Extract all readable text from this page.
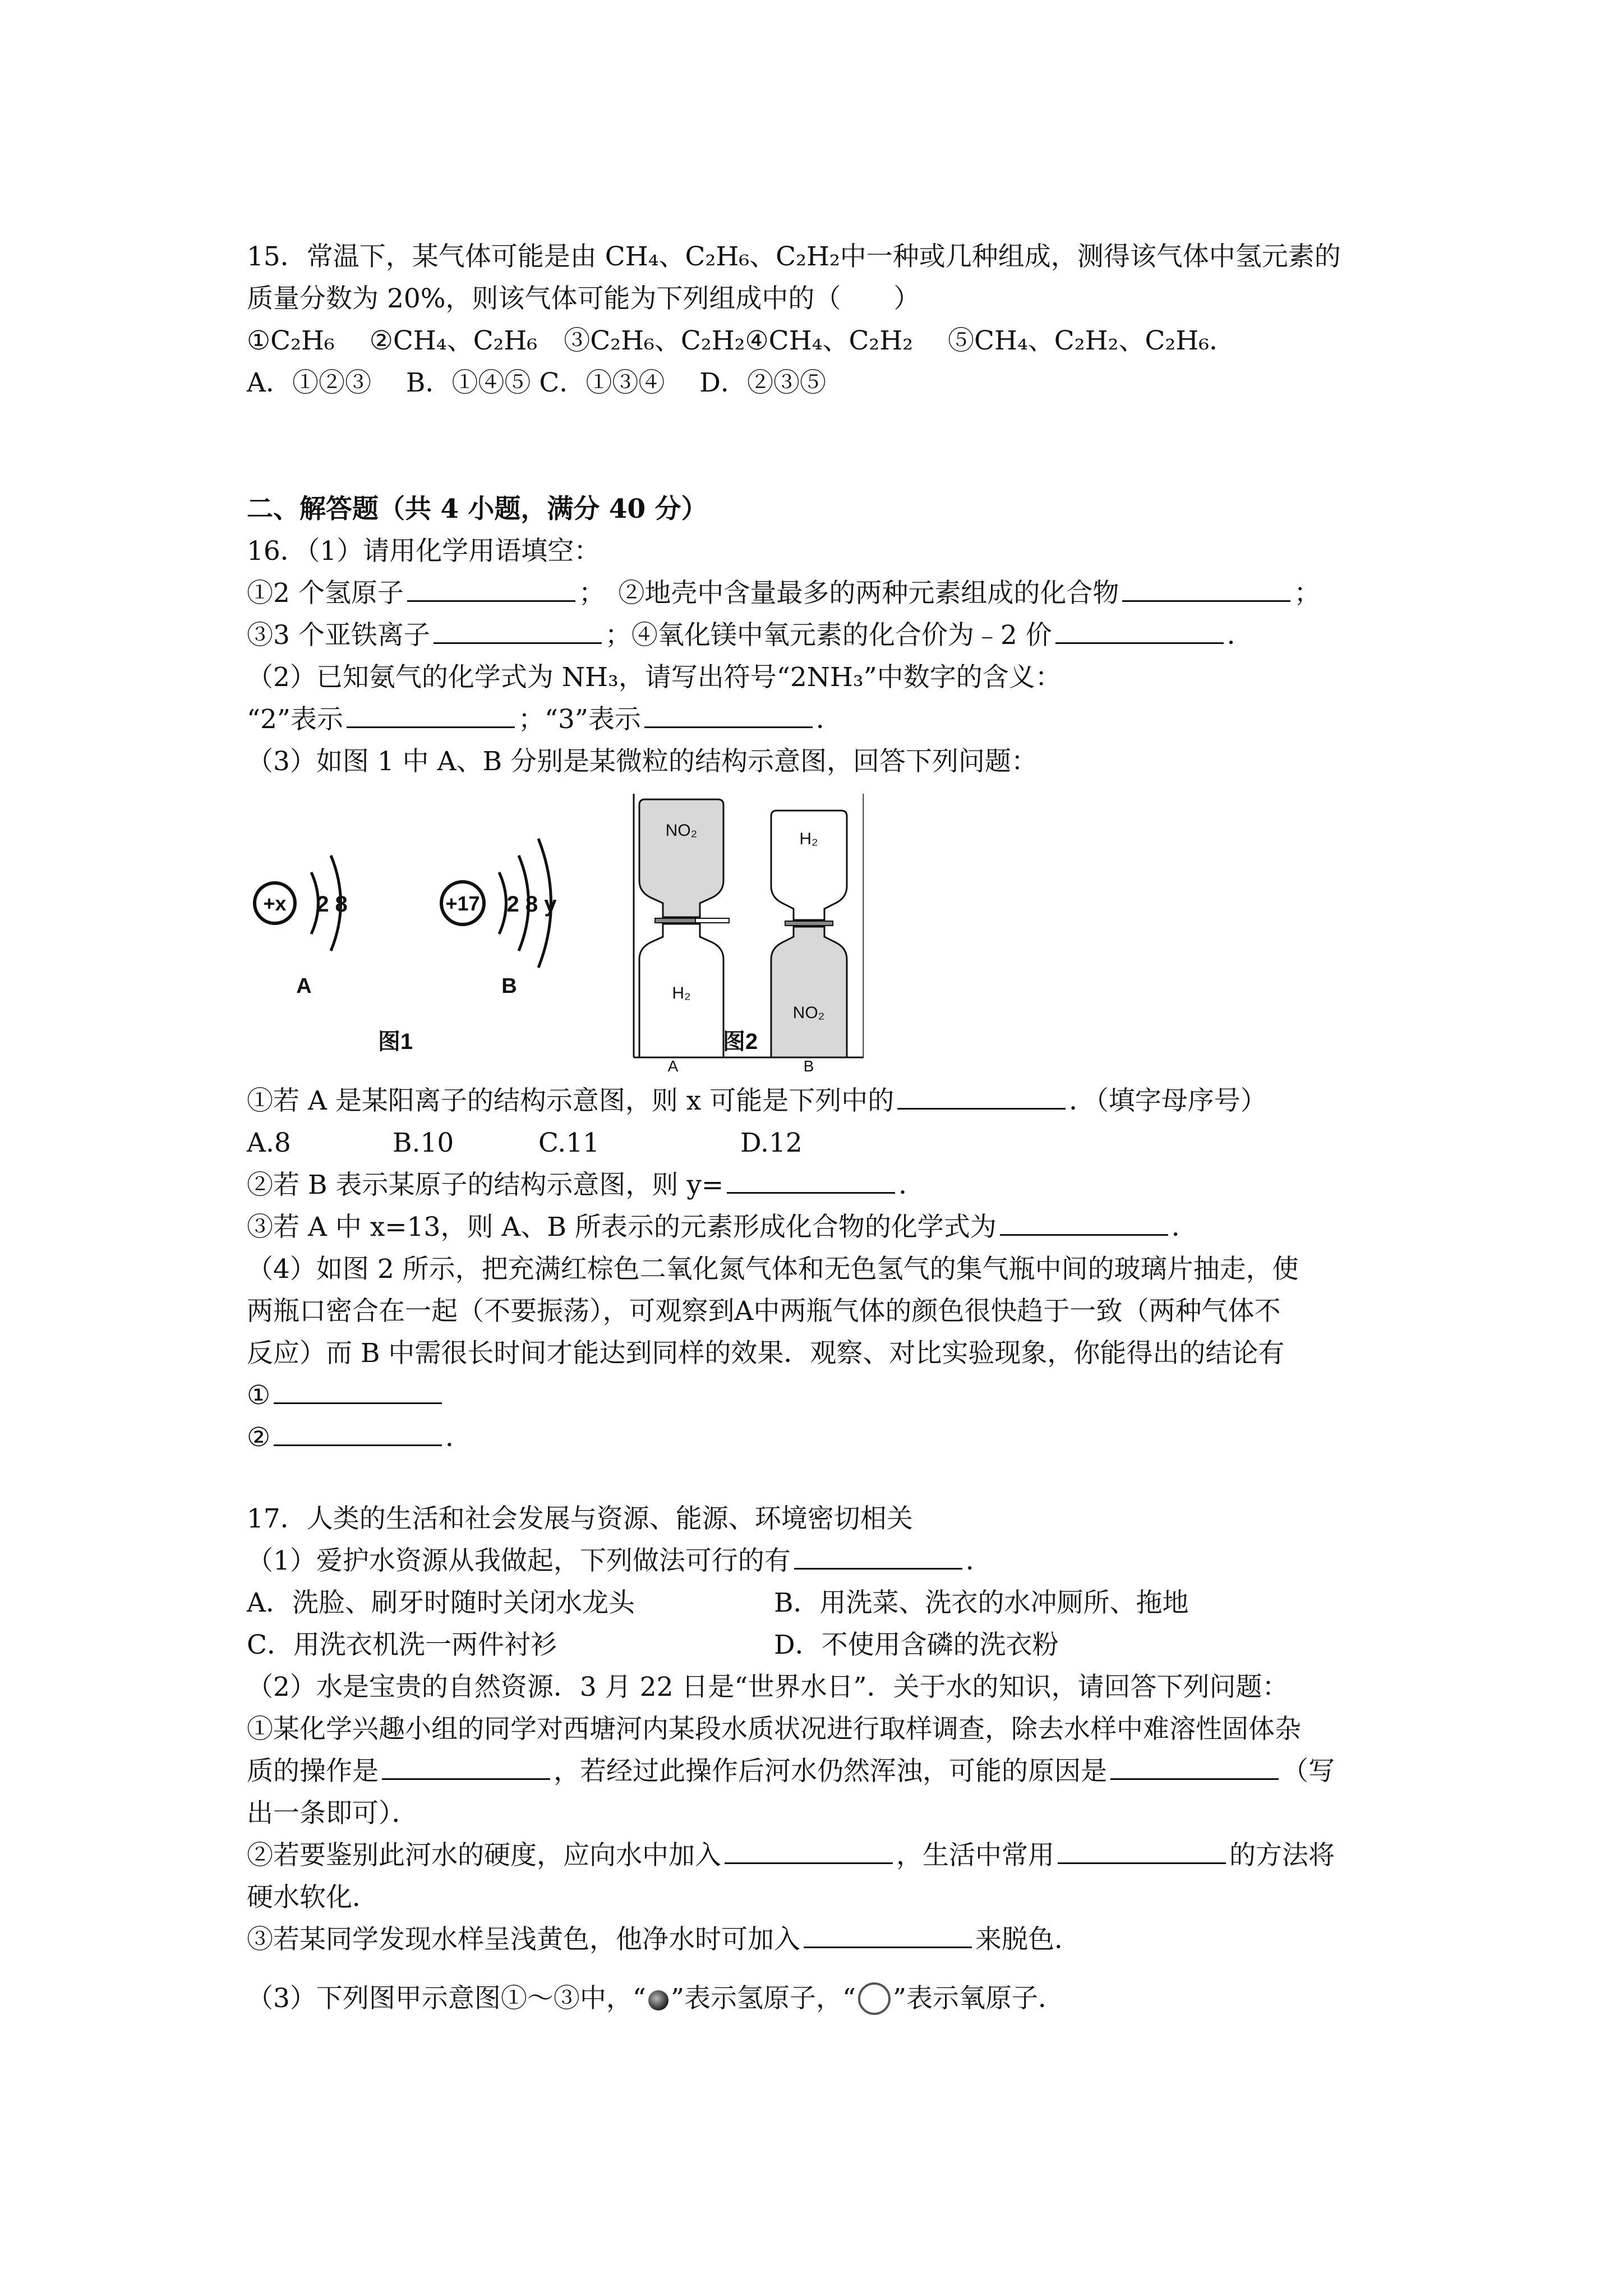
15．常温下，某气体可能是由 CH₄、C₂H₆、C₂H₂中一种或几种组成，测得该气体中氢元素的
质量分数为 20%，则该气体可能为下列组成中的（　　）
①C₂H₆　 ②CH₄、C₂H₆　③C₂H₆、C₂H₂④CH₄、C₂H₂　 ⑤CH₄、C₂H₂、C₂H₆．
A．①②③　 B．①④⑤ C．①③④　 D．②③⑤
二、解答题（共 4 小题，满分 40 分）
16．（1）请用化学用语填空：
①2 个氢原子	；　②地壳中含量最多的两种元素组成的化合物	；
③3 个亚铁离子	；④氧化镁中氧元素的化合价为﹣2 价	．
（2）已知氨气的化学式为 NH₃，请写出符号“2NH₃”中数字的含义：
“2”表示	；“3”表示	．
（3）如图 1 中 A、B 分别是某微粒的结构示意图，回答下列问题：
+x 2 8
A
+17 2 8 y
B
图1
NO₂
H₂
A
H₂
NO₂
B
图2
①若 A 是某阳离子的结构示意图，则 x 可能是下列中的	．（填字母序号）
A.8	B.10	C.11	D.12
②若 B 表示某原子的结构示意图，则 y=	．
③若 A 中 x=13，则 A、B 所表示的元素形成化合物的化学式为	．
（4）如图 2 所示，把充满红棕色二氧化氮气体和无色氢气的集气瓶中间的玻璃片抽走，使
两瓶口密合在一起（不要振荡），可观察到A中两瓶气体的颜色很快趋于一致（两种气体不
反应）而 B 中需很长时间才能达到同样的效果．观察、对比实验现象，你能得出的结论有
①
②	．
17．人类的生活和社会发展与资源、能源、环境密切相关
（1）爱护水资源从我做起，下列做法可行的有	．
A．洗脸、刷牙时随时关闭水龙头	B．用洗菜、洗衣的水冲厕所、拖地
C．用洗衣机洗一两件衬衫	D．不使用含磷的洗衣粉
（2）水是宝贵的自然资源．3 月 22 日是“世界水日”．关于水的知识，请回答下列问题：
①某化学兴趣小组的同学对西塘河内某段水质状况进行取样调查，除去水样中难溶性固体杂
质的操作是	，若经过此操作后河水仍然浑浊，可能的原因是	（写
出一条即可）．
②若要鉴别此河水的硬度，应向水中加入	，生活中常用	的方法将
硬水软化．
③若某同学发现水样呈浅黄色，他净水时可加入	来脱色．
（3）下列图甲示意图①～③中，“ ”表示氢原子，“ ”表示氧原子．
